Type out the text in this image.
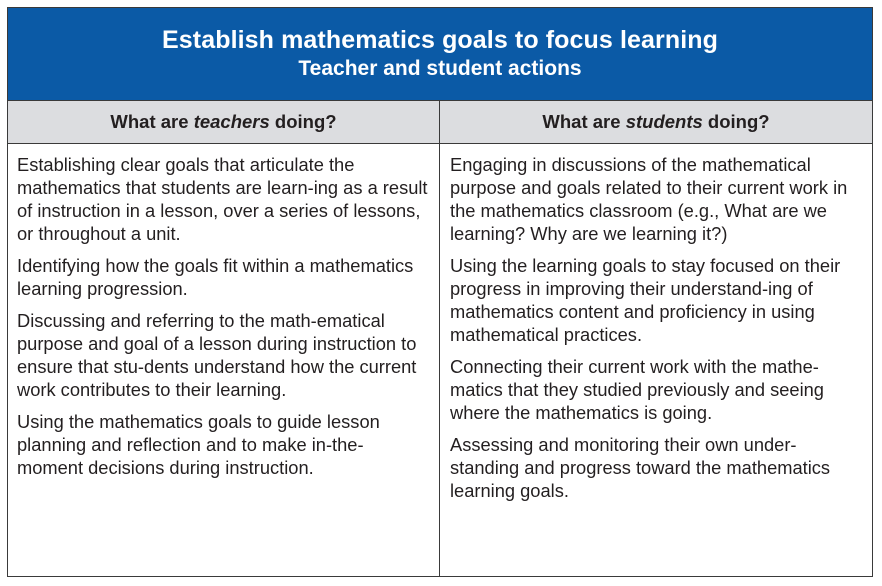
Establish mathematics goals to focus learning
Teacher and student actions
What are teachers doing?	What are students doing?

Establishing clear goals that articulate the mathematics that students are learn-ing as a result of instruction in a lesson, over a series of lessons, or throughout a unit.

Identifying how the goals fit within a mathematics learning progression.

Discussing and referring to the math-ematical purpose and goal of a lesson during instruction to ensure that stu-dents understand how the current work contributes to their learning.

Using the mathematics goals to guide lesson planning and reflection and to make in-the-moment decisions during instruction.

Engaging in discussions of the mathematical purpose and goals related to their current work in the mathematics classroom (e.g., What are we learning? Why are we learning it?)

Using the learning goals to stay focused on their progress in improving their understand-ing of mathematics content and proficiency in using mathematical practices.

Connecting their current work with the mathe-matics that they studied previously and seeing where the mathematics is going.

Assessing and monitoring their own under-standing and progress toward the mathematics learning goals.
